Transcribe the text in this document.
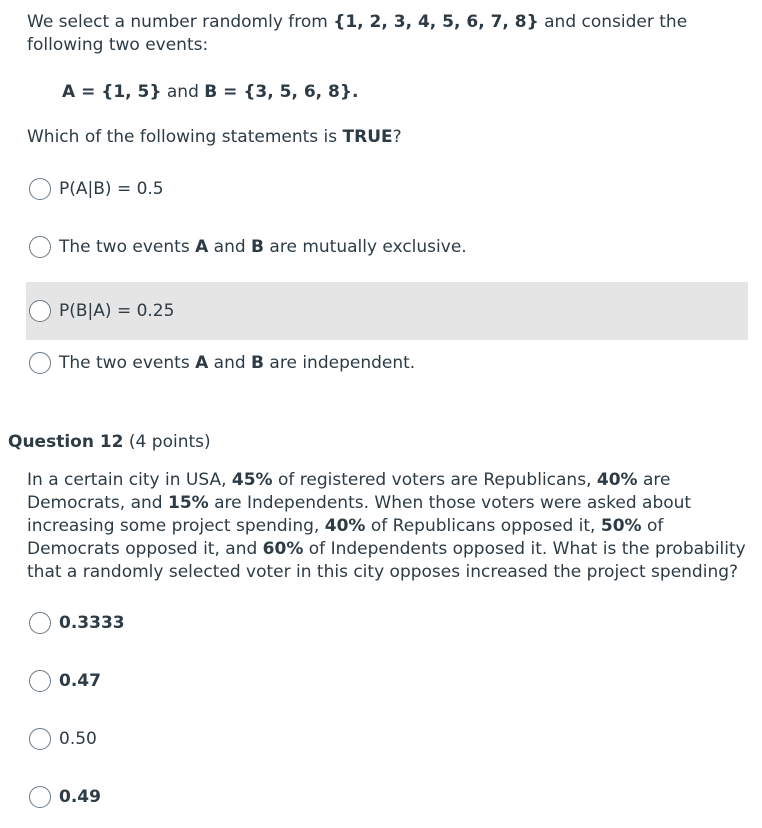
We select a number randomly from {1, 2, 3, 4, 5, 6, 7, 8} and consider the following two events:

A = {1, 5} and B = {3, 5, 6, 8}.

Which of the following statements is TRUE?

P(A|B) = 0.5
The two events A and B are mutually exclusive.
P(B|A) = 0.25
The two events A and B are independent.

Question 12 (4 points)

In a certain city in USA, 45% of registered voters are Republicans, 40% are Democrats, and 15% are Independents. When those voters were asked about increasing some project spending, 40% of Republicans opposed it, 50% of Democrats opposed it, and 60% of Independents opposed it. What is the probability that a randomly selected voter in this city opposes increased the project spending?

0.3333
0.47
0.50
0.49
